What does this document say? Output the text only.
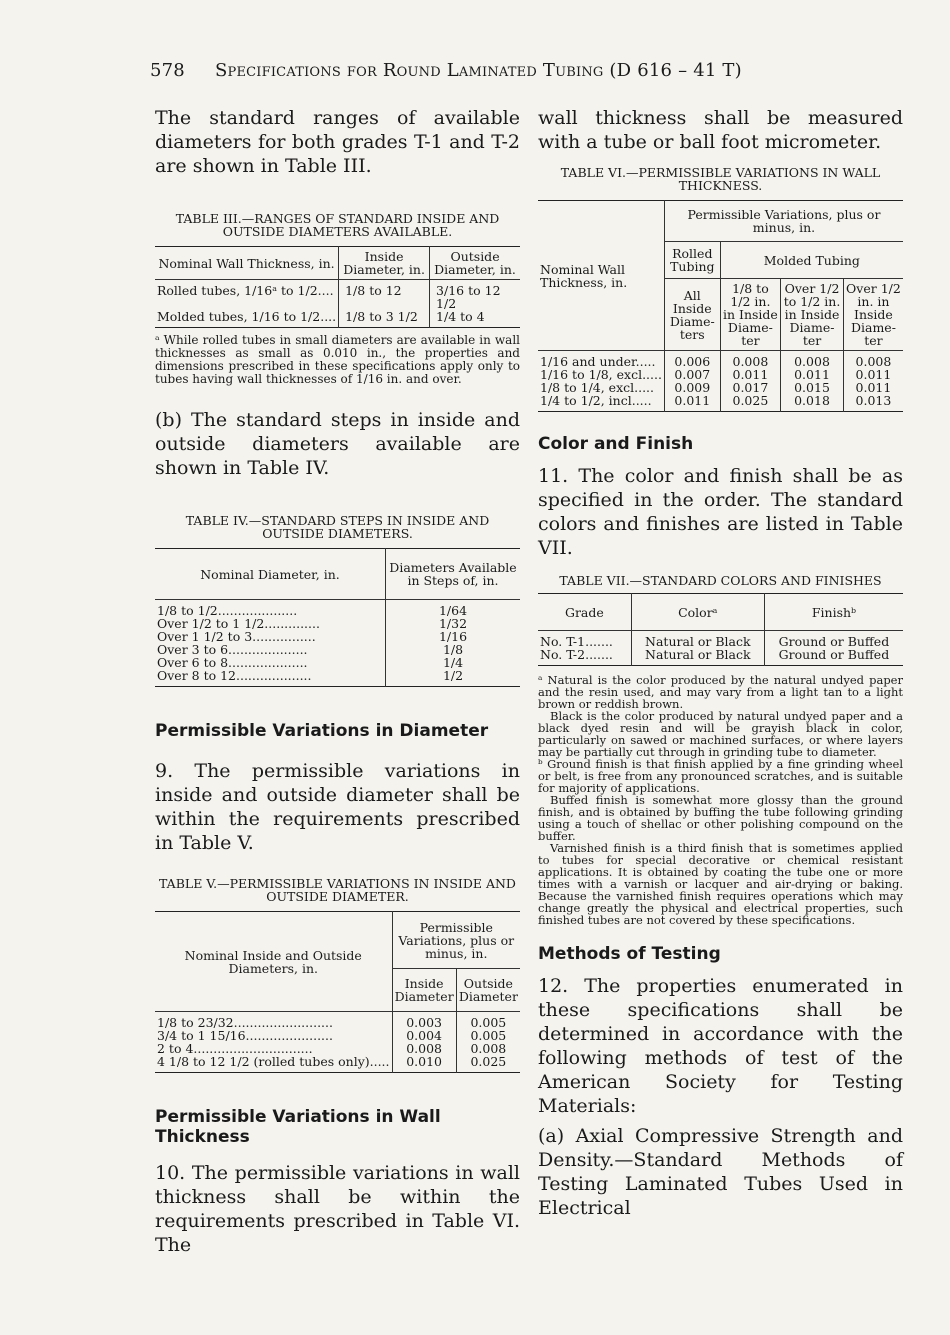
578 Specifications for Round Laminated Tubing (D 616 – 41 T)

The standard ranges of available diameters for both grades T-1 and T-2 are shown in Table III.

TABLE III.—RANGES OF STANDARD INSIDE AND OUTSIDE DIAMETERS AVAILABLE.

Nominal Wall Thickness, in.	Inside Diameter, in.	Outside Diameter, in.
Rolled tubes, 1/16ᵃ to 1/2....	1/8 to 12	3/16 to 12 1/2
Molded tubes, 1/16 to 1/2....	1/8 to 3 1/2	1/4 to 4

ᵃ While rolled tubes in small diameters are available in wall thicknesses as small as 0.010 in., the properties and dimensions prescribed in these specifications apply only to tubes having wall thicknesses of 1/16 in. and over.

(b) The standard steps in inside and outside diameters available are shown in Table IV.

TABLE IV.—STANDARD STEPS IN INSIDE AND OUTSIDE DIAMETERS.

Nominal Diameter, in.	Diameters Available in Steps of, in.
1/8 to 1/2....................	1/64
Over 1/2 to 1 1/2..............	1/32
Over 1 1/2 to 3................	1/16
Over 3 to 6....................	1/8
Over 6 to 8....................	1/4
Over 8 to 12...................	1/2

Permissible Variations in Diameter

9. The permissible variations in inside and outside diameter shall be within the requirements prescribed in Table V.

TABLE V.—PERMISSIBLE VARIATIONS IN INSIDE AND OUTSIDE DIAMETER.

Nominal Inside and Outside Diameters, in.	Permissible Variations, plus or minus, in.	
	Inside Diameter	Outside Diameter
1/8 to 23/32.........................	0.003	0.005
3/4 to 1 15/16......................	0.004	0.005
2 to 4..............................	0.008	0.008
4 1/8 to 12 1/2 (rolled tubes only).....	0.010	0.025

Permissible Variations in Wall Thickness

10. The permissible variations in wall thickness shall be within the requirements prescribed in Table VI. The

wall thickness shall be measured with a tube or ball foot micrometer.

TABLE VI.—PERMISSIBLE VARIATIONS IN WALL THICKNESS.

Nominal Wall Thickness, in.	Permissible Variations, plus or minus, in.			
	Rolled Tubing	Molded Tubing		
	All Inside Diame-ters	1/8 to 1/2 in. in Inside Diame-ter	Over 1/2 to 1/2 in. in Inside Diame-ter	Over 1/2 in. in Inside Diame-ter
1/16 and under.....	0.006	0.008	0.008	0.008
1/16 to 1/8, excl.....	0.007	0.011	0.011	0.011
1/8 to 1/4, excl.....	0.009	0.017	0.015	0.011
1/4 to 1/2, incl.....	0.011	0.025	0.018	0.013

Color and Finish

11. The color and finish shall be as specified in the order. The standard colors and finishes are listed in Table VII.

TABLE VII.—STANDARD COLORS AND FINISHES

Grade	Colorᵃ	Finishᵇ
No. T-1.......	Natural or Black	Ground or Buffed
No. T-2.......	Natural or Black	Ground or Buffed

ᵃ Natural is the color produced by the natural undyed paper and the resin used, and may vary from a light tan to a light brown or reddish brown.

Black is the color produced by natural undyed paper and a black dyed resin and will be grayish black in color, particularly on sawed or machined surfaces, or where layers may be partially cut through in grinding tube to diameter.

ᵇ Ground finish is that finish applied by a fine grinding wheel or belt, is free from any pronounced scratches, and is suitable for majority of applications.

Buffed finish is somewhat more glossy than the ground finish, and is obtained by buffing the tube following grinding using a touch of shellac or other polishing compound on the buffer.

Varnished finish is a third finish that is sometimes applied to tubes for special decorative or chemical resistant applications. It is obtained by coating the tube one or more times with a varnish or lacquer and air-drying or baking. Because the varnished finish requires operations which may change greatly the physical and electrical properties, such finished tubes are not covered by these specifications.

Methods of Testing

12. The properties enumerated in these specifications shall be determined in accordance with the following methods of test of the American Society for Testing Materials:

(a) Axial Compressive Strength and Density.—Standard Methods of Testing Laminated Tubes Used in Electrical
